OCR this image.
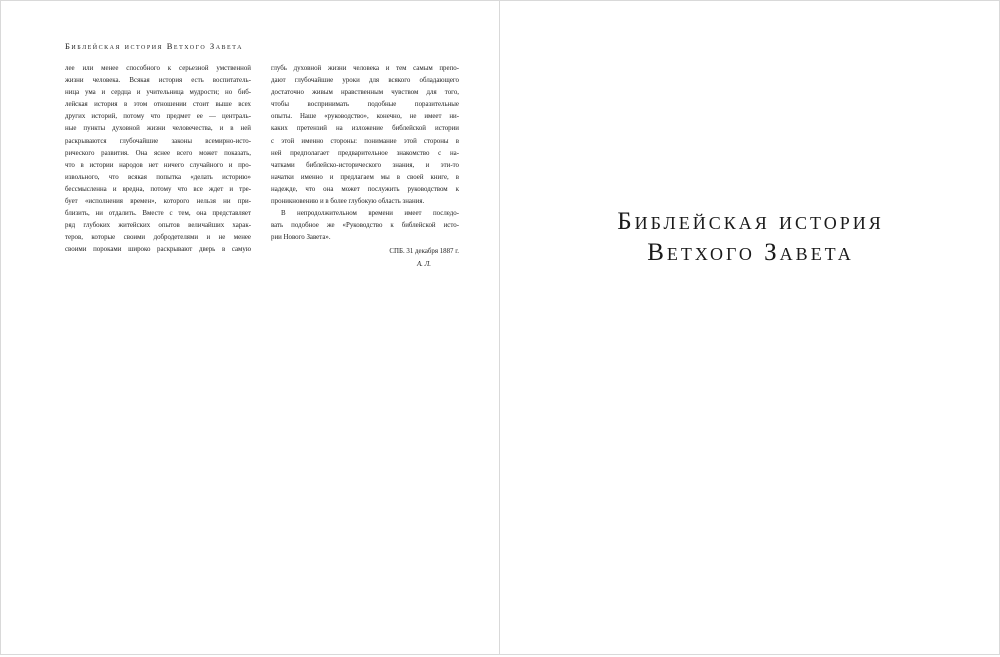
Библейская история Ветхого Завета
лее или менее способного к серьезной умственной
жизни человека. Всякая история есть воспитатель-
ница ума и сердца и учительница мудрости; но биб-
лейская история в этом отношении стоит выше всех
других историй, потому что предмет ее — централь-
ные пункты духовной жизни человечества, и в ней
раскрываются глубочайшие законы всемирно-исто-
рического развития. Она яснее всего может показать,
что в истории народов нет ничего случайного и про-
извольного, что всякая попытка «делать историю»
бессмысленна и вредна, потому что все ждет и тре-
бует «исполнения времен», которого нельзя ни при-
близить, ни отдалить. Вместе с тем, она представляет
ряд глубоких житейских опытов величайших харак-
теров, которые своими добродетелями и не менее
своими пороками широко раскрывают дверь в самую
глубь духовной жизни человека и тем самым препо-
дают глубочайшие уроки для всякого обладающего
достаточно живым нравственным чувством для того,
чтобы воспринимать подобные поразительные
опыты. Наше «руководство», конечно, не имеет ни-
каких претензий на изложение библейской истории
с этой именно стороны: понимание этой стороны в
ней предполагает предварительное знакомство с на-
чатками библейско-исторического знания, и эти-то
начатки именно и предлагаем мы в своей книге, в
надежде, что она может послужить руководством к
проникновению и в более глубокую область знания.
В непродолжительном времени имеет последо-
вать подобное же «Руководство к библейской исто-
рии Нового Завета».
СПБ. 31 декабря 1887 г.
А. Л.
Библейская история
Ветхого Завета
